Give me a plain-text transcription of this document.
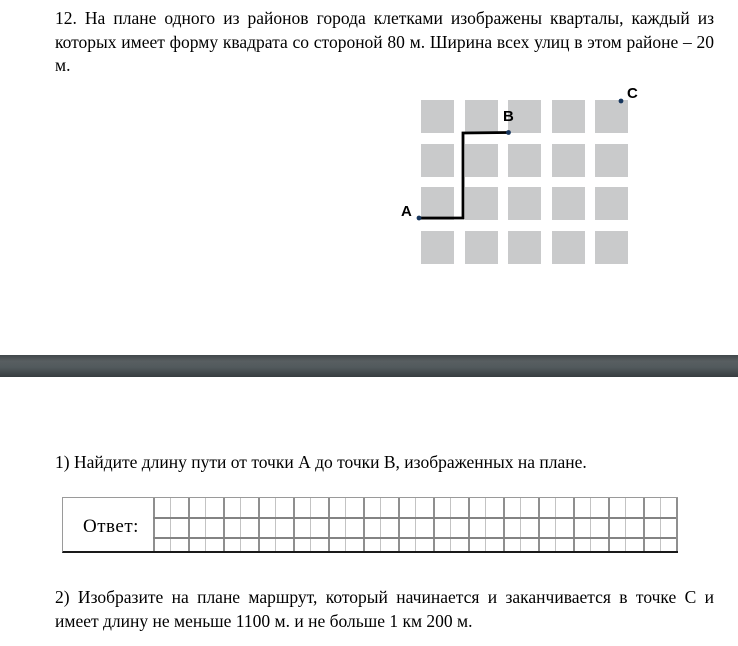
12. На плане одного из районов города клетками изображены кварталы, каждый из которых имеет форму квадрата со стороной 80 м. Ширина всех улиц в этом районе – 20 м.
A
B
C
1) Найдите длину пути от точки А до точки В, изображенных на плане.
Ответ:
2) Изобразите на плане маршрут, который начинается и заканчивается в точке С и имеет длину не меньше 1100 м. и не больше 1 км 200 м.
